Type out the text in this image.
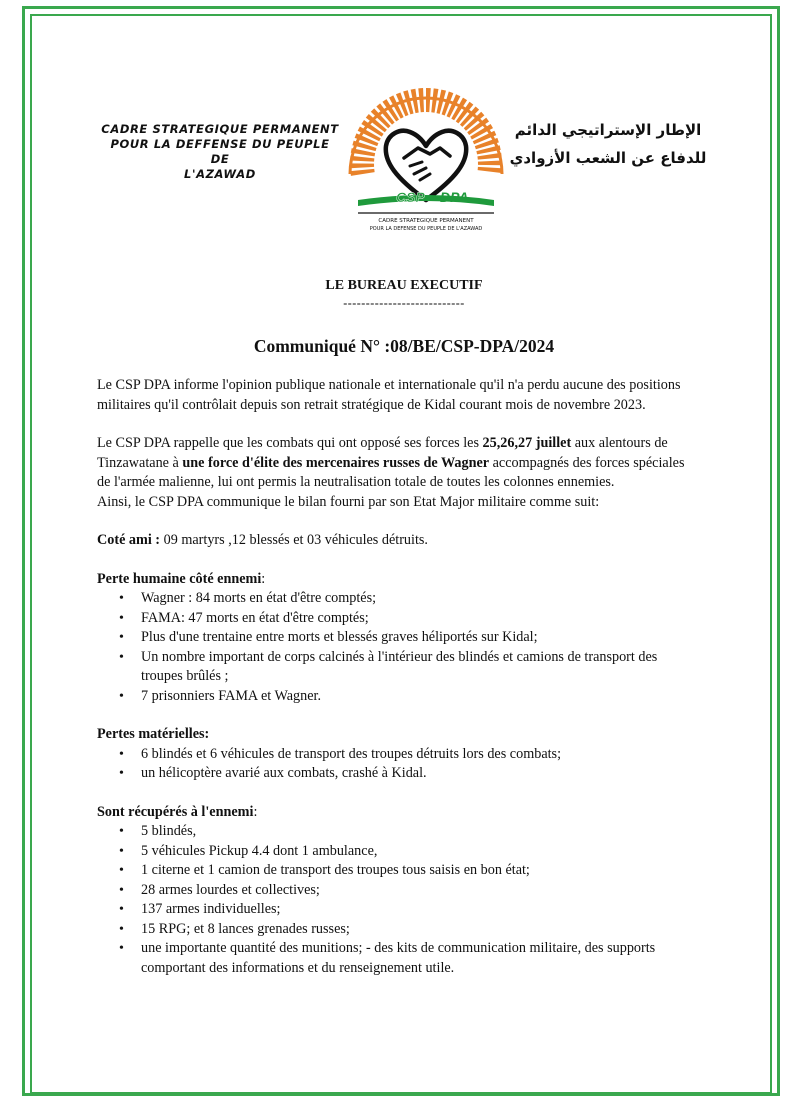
CADRE STRATEGIQUE PERMANENT
POUR LA DEFFENSE DU PEUPLE DE
L'AZAWAD
الإطار الإستراتيجي الدائم
للدفاع عن الشعب الأزوادي
CSP DPA
CADRE STRATEGIQUE PERMANENT
POUR LA DEFENSE DU PEUPLE DE L'AZAWAD
LE BUREAU EXECUTIF
---------------------------
Communiqué N° :08/BE/CSP-DPA/2024

Le CSP DPA informe l'opinion publique nationale et internationale qu'il n'a perdu aucune des positions militaires qu'il contrôlait depuis son retrait stratégique de Kidal courant mois de novembre 2023.

Le CSP DPA rappelle que les combats qui ont opposé ses forces les 25,26,27 juillet aux alentours de Tinzawatane à une force d'élite des mercenaires russes de Wagner accompagnés des forces spéciales de l'armée malienne, lui ont permis la neutralisation totale de toutes les colonnes ennemies.

Ainsi, le CSP DPA communique le bilan fourni par son Etat Major militaire comme suit:

Coté ami : 09 martyrs ,12 blessés et 03 véhicules détruits.

Perte humaine côté ennemi:

• Wagner : 84 morts en état d'être comptés;
• FAMA: 47 morts en état d'être comptés;
• Plus d'une trentaine entre morts et blessés graves héliportés sur Kidal;
• Un nombre important de corps calcinés à l'intérieur des blindés et camions de transport des troupes brûlés ;
• 7 prisonniers FAMA et Wagner.

Pertes matérielles:

• 6 blindés et 6 véhicules de transport des troupes détruits lors des combats;
• un hélicoptère avarié aux combats, crashé à Kidal.

Sont récupérés à l'ennemi:

• 5 blindés,
• 5 véhicules Pickup 4.4 dont 1 ambulance,
• 1 citerne et 1 camion de transport des troupes tous saisis en bon état;
• 28 armes lourdes et collectives;
• 137 armes individuelles;
• 15 RPG; et 8 lances grenades russes;
• une importante quantité des munitions; - des kits de communication militaire, des supports comportant des informations et du renseignement utile.
